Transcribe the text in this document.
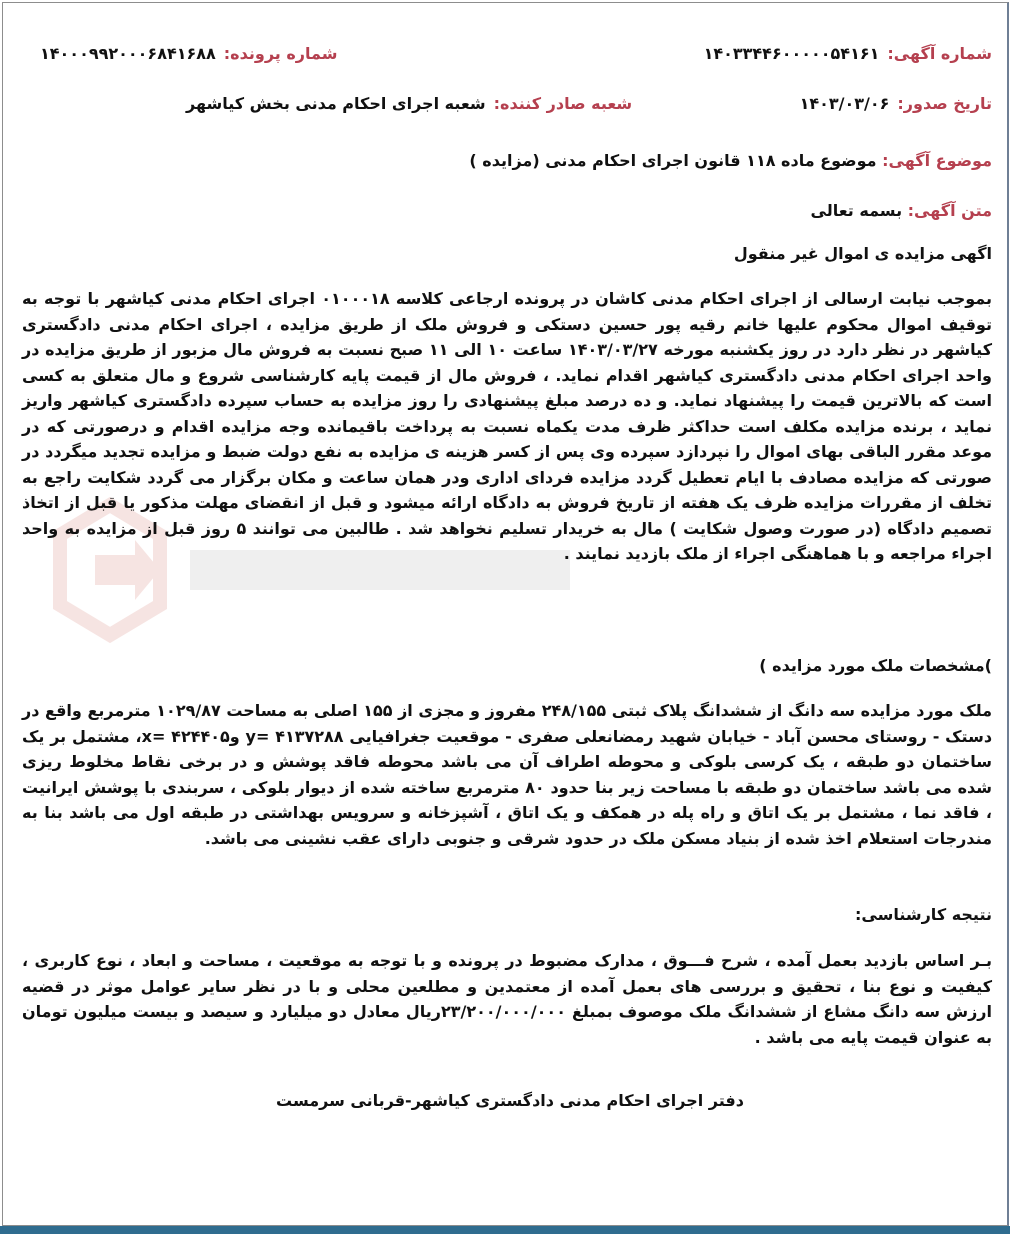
شماره آگهی:
۱۴۰۳۳۴۴۶۰۰۰۰۰۵۴۱۶۱
شماره پرونده:
۱۴۰۰۰۹۹۲۰۰۰۶۸۴۱۶۸۸
تاریخ صدور:
۱۴۰۳/۰۳/۰۶
شعبه صادر کننده:
شعبه اجرای احکام مدنی بخش کیاشهر
موضوع آگهی: موضوع ماده ۱۱۸ قانون اجرای احکام مدنی (مزایده )
متن آگهی: بسمه تعالی
اگهی مزایده ی اموال غیر منقول
بموجب نیابت ارسالی از اجرای احکام مدنی کاشان در پرونده ارجاعی کلاسه ۰۱۰۰۰۱۸ اجرای احکام مدنی کیاشهر با توجه به توقیف اموال محکوم علیها خانم رقیه پور حسین دستکی و فروش ملک از طریق مزایده ، اجرای احکام مدنی دادگستری کیاشهر در نظر دارد در روز یکشنبه مورخه ۱۴۰۳/۰۳/۲۷ ساعت ۱۰ الی ۱۱ صبح نسبت به فروش مال مزبور از طریق مزایده در واحد اجرای احکام مدنی دادگستری کیاشهر اقدام نماید. ، فروش مال از قیمت پایه کارشناسی شروع و مال متعلق به کسی است که بالاترین قیمت را پیشنهاد نماید. و ده درصد مبلغ پیشنهادی را روز مزایده به حساب سپرده دادگستری کیاشهر واریز نماید ، برنده مزایده مکلف است حداکثر ظرف مدت یکماه نسبت به پرداخت باقیمانده وجه مزایده اقدام و درصورتی که در موعد مقرر الباقی بهای اموال را نپردازد سپرده وی پس از کسر هزینه ی مزایده به نفع دولت ضبط و مزایده تجدید میگردد در صورتی که مزایده مصادف با ایام تعطیل گردد مزایده فردای اداری ودر همان ساعت و مکان برگزار می گردد شکایت راجع به تخلف از مقررات مزایده ظرف یک هفته از تاریخ فروش به دادگاه ارائه میشود و قبل از انقضای مهلت مذکور یا قبل از اتخاذ تصمیم دادگاه (در صورت وصول شکایت ) مال به خریدار تسلیم نخواهد شد . طالبین می توانند ۵ روز قبل از مزایده به واحد اجراء مراجعه و با هماهنگی اجراء از ملک بازدید نمایند .
)مشخصات ملک مورد مزایده )
ملک مورد مزایده سه دانگ از ششدانگ پلاک ثبتی ۲۴۸/۱۵۵ مفروز و مجزی از ۱۵۵ اصلی به مساحت ۱۰۲۹/۸۷ مترمربع واقع در دستک - روستای محسن آباد - خیابان شهید رمضانعلی صفری - موقعیت جغرافیایی ۴۱۳۷۲۸۸ =y و۴۲۴۴۰۵ =x، مشتمل بر یک ساختمان دو طبقه ، یک کرسی بلوکی و محوطه اطراف آن می باشد محوطه فاقد پوشش و در برخی نقاط مخلوط ریزی شده می باشد ساختمان دو طبقه با مساحت زیر بنا حدود ۸۰ مترمربع ساخته شده از دیوار بلوکی ، سربندی با پوشش ایرانیت ، فاقد نما ، مشتمل بر یک اتاق و راه پله در همکف و یک اتاق ، آشپزخانه و سرویس بهداشتی در طبقه اول می باشد بنا به مندرجات استعلام اخذ شده از بنیاد مسکن ملک در حدود شرقی و جنوبی دارای عقب نشینی می باشد.
نتیجه کارشناسی:
بـر اساس بازدید بعمل آمده ، شرح فـــوق ، مدارک مضبوط در پرونده و با توجه به موقعیت ، مساحت و ابعاد ، نوع کاربری ، کیفیت و نوع بنا ، تحقیق و بررسی های بعمل آمده از معتمدین و مطلعین محلی و با در نظر سایر عوامل موثر در قضیه ارزش سه دانگ مشاع از ششدانگ ملک موصوف بمبلغ ۲۳/۲۰۰/۰۰۰/۰۰۰ریال معادل دو میلیارد و سیصد و بیست میلیون تومان به عنوان قیمت پایه می باشد .
دفتر اجرای احکام مدنی دادگستری کیاشهر-قربانی سرمست
